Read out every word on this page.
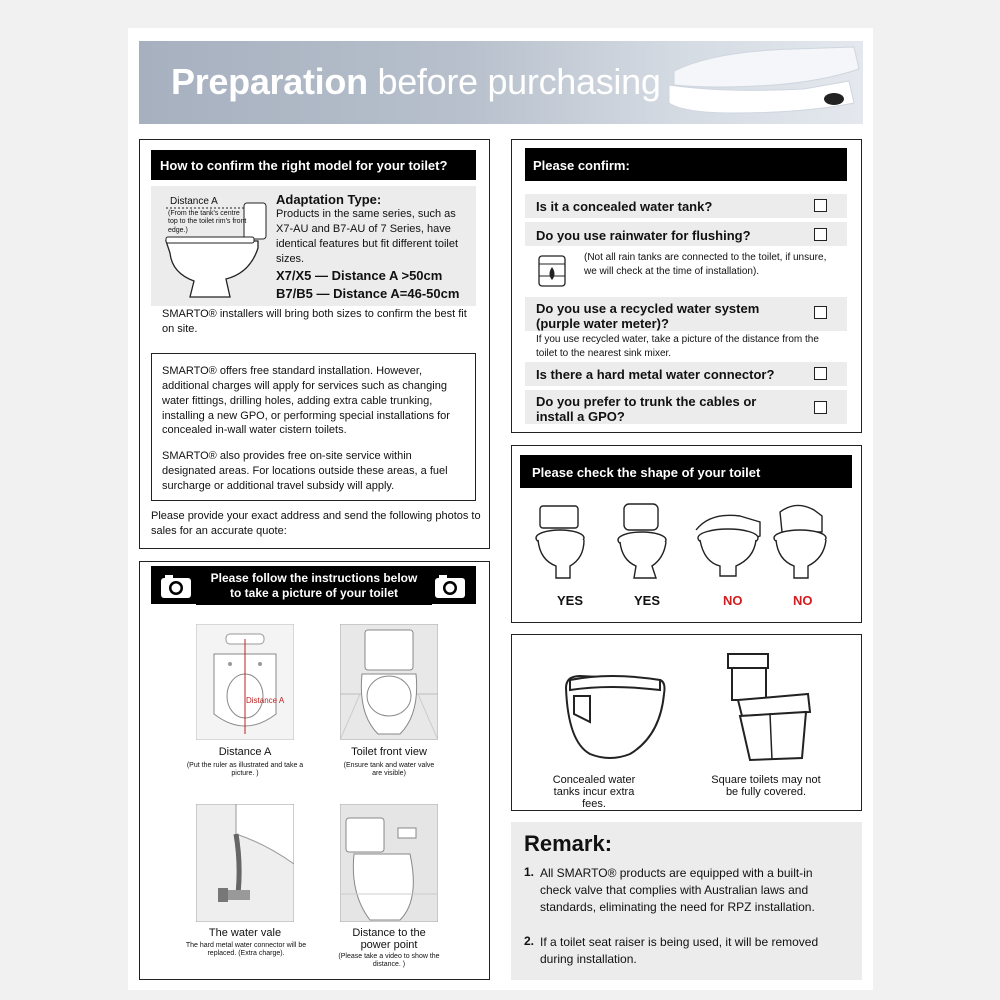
Preparation before purchasing
How to confirm the right model for your toilet?
Distance A
(From the tank's centre top to the toilet rim's front edge.)
Adaptation Type:
Products in the same series, such as X7-AU and B7-AU of 7 Series, have identical features but fit different toilet sizes.
X7/X5 — Distance A >50cm
B7/B5 — Distance A=46-50cm
SMARTO® installers will bring both sizes to confirm the best fit on site.
SMARTO® offers free standard installation. However, additional charges will apply for services such as changing water fittings, drilling holes, adding extra cable trunking, installing a new GPO, or performing special installations for concealed in-wall water cistern toilets.
SMARTO® also provides free on-site service within designated areas. For locations outside these areas, a fuel surcharge or additional travel subsidy will apply.
Please provide your exact address and send the following photos to sales for an accurate quote:
Please follow the instructions below
to take a picture of your toilet
Distance A
Distance A
(Put the ruler as illustrated and take a picture. )
Toilet front view
(Ensure tank and water valve are visible)
The water vale
The hard metal water connector will be replaced. (Extra charge).
Distance to the power point
(Please take a video to show the distance. )
Please confirm:
Is it a concealed water tank?
Do you use rainwater for flushing?
(Not all rain tanks are connected to the toilet, if unsure, we will check at the time of installation).
Do you use a recycled water system (purple water meter)?
If you use recycled water, take a picture of the distance from the toilet to the nearest sink mixer.
Is there a hard metal water connector?
Do you prefer to trunk the cables or install a GPO?
Please check the shape of your toilet
YES	YES	NO	NO
Concealed water tanks incur extra fees.
Square toilets may not be fully covered.
Remark:
1. All SMARTO® products are equipped with a built-in check valve that complies with Australian laws and standards, eliminating the need for RPZ installation.
2. If a toilet seat raiser is being used, it will be removed during installation.
